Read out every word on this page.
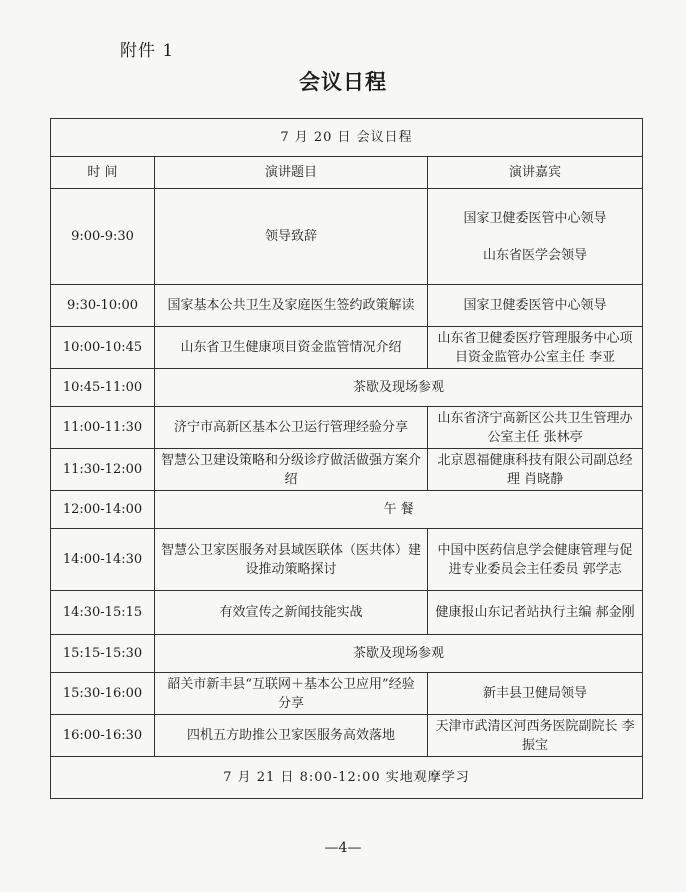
附件 1
会议日程
7 月 20 日 会议日程		
时 间	演讲题目	演讲嘉宾
9:00-9:30	领导致辞	国家卫健委医管中心领导
山东省医学会领导
9:30-10:00	国家基本公共卫生及家庭医生签约政策解读	国家卫健委医管中心领导
10:00-10:45	山东省卫生健康项目资金监管情况介绍	山东省卫健委医疗管理服务中心项目资金监管办公室主任 李亚
10:45-11:00	茶歇及现场参观	
11:00-11:30	济宁市高新区基本公卫运行管理经验分享	山东省济宁高新区公共卫生管理办公室主任 张林亭
11:30-12:00	智慧公卫建设策略和分级诊疗做活做强方案介绍	北京恩福健康科技有限公司副总经理 肖晓静
12:00-14:00	午 餐	
14:00-14:30	智慧公卫家医服务对县域医联体（医共体）建设推动策略探讨	中国中医药信息学会健康管理与促进专业委员会主任委员 郭学志
14:30-15:15	有效宣传之新闻技能实战	健康报山东记者站执行主编 郝金刚
15:15-15:30	茶歇及现场参观	
15:30-16:00	韶关市新丰县“互联网＋基本公卫应用”经验分享	新丰县卫健局领导
16:00-16:30	四机五方助推公卫家医服务高效落地	天津市武清区河西务医院副院长 李振宝
7 月 21 日 8:00-12:00 实地观摩学习		
—4—
